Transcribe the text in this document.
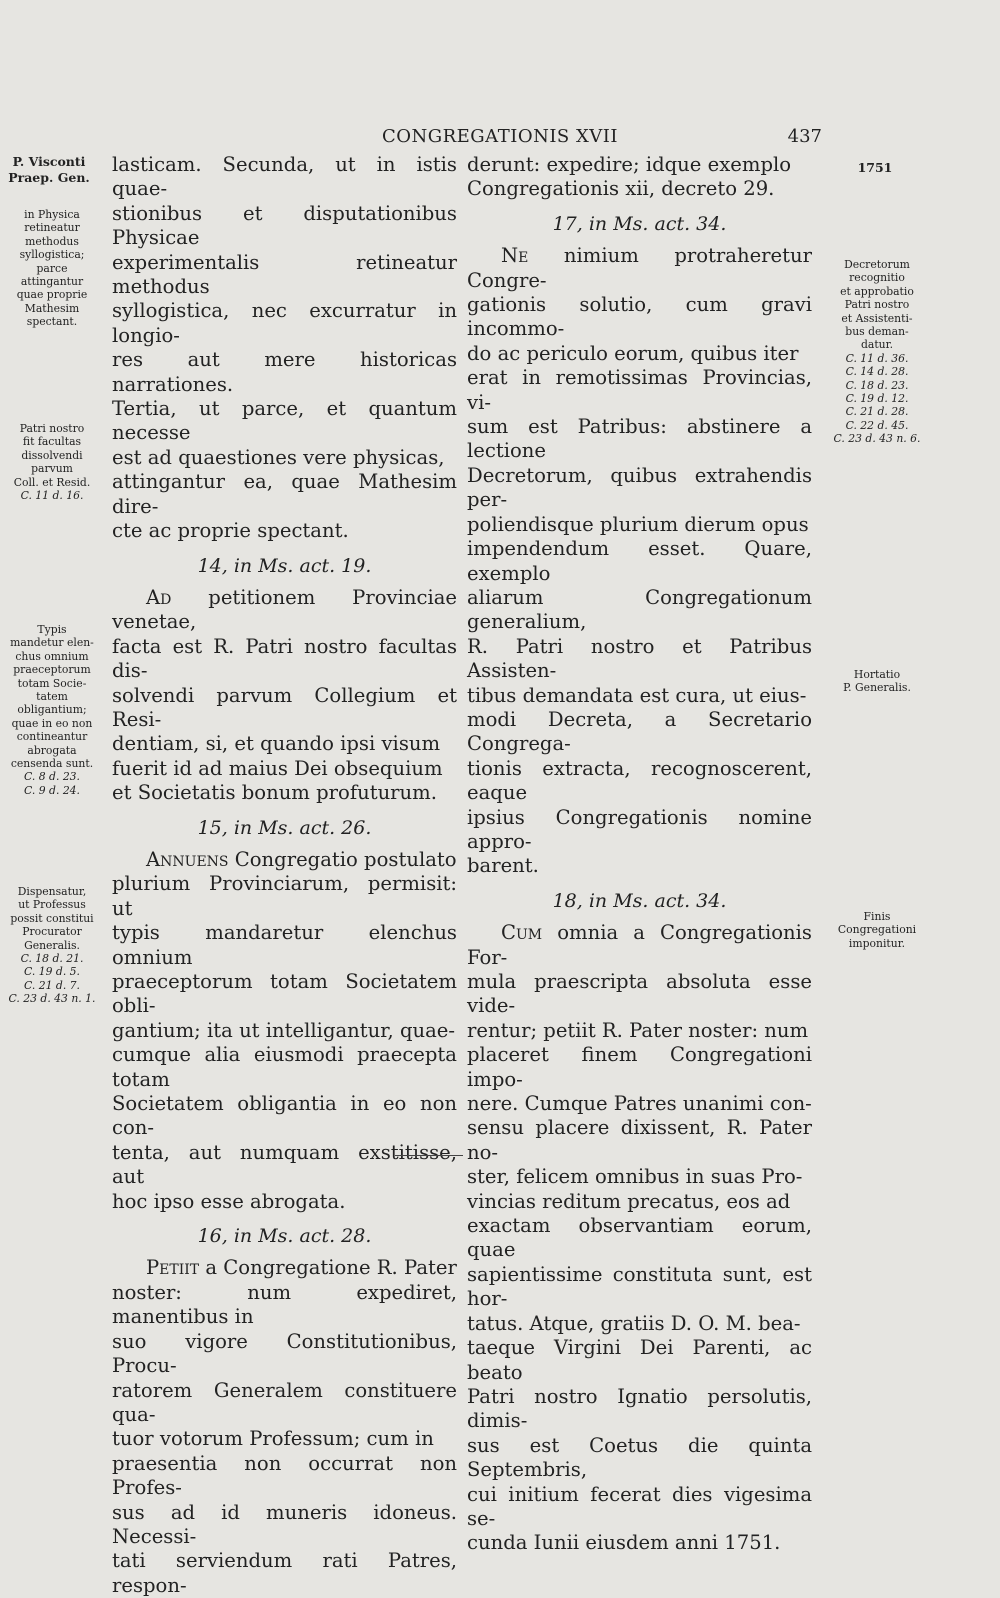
CONGREGATIONIS XVII	437
1751
P. Visconti
Praep. Gen.
in Physica
retineatur
methodus
syllogistica;
parce
attingantur
quae proprie
Mathesim
spectant.
Patri nostro
fit facultas
dissolvendi
parvum
Coll. et Resid.
C. 11 d. 16.
Typis
mandetur elen-
chus omnium
praeceptorum
totam Socie-
tatem
obligantium;
quae in eo non
contineantur
abrogata
censenda sunt.
C. 8 d. 23.
C. 9 d. 24.
Dispensatur,
ut Professus
possit constitui
Procurator
Generalis.
C. 18 d. 21.
C. 19 d. 5.
C. 21 d. 7.
C. 23 d. 43 n. 1.
Decretorum
recognitio
et approbatio
Patri nostro
et Assistenti-
bus deman-
datur.
C. 11 d. 36.
C. 14 d. 28.
C. 18 d. 23.
C. 19 d. 12.
C. 21 d. 28.
C. 22 d. 45.
C. 23 d. 43 n. 6.
Hortatio
P. Generalis.
Finis
Congregationi
imponitur.

lasticam. Secunda, ut in istis quae-
stionibus et disputationibus Physicae
experimentalis retineatur methodus
syllogistica, nec excurratur in longio-
res aut mere historicas narrationes.
Tertia, ut parce, et quantum necesse
est ad quaestiones vere physicas,
attingantur ea, quae Mathesim dire-
cte ac proprie spectant.

14, in Ms. act. 19.

Ad petitionem Provinciae venetae,
facta est R. Patri nostro facultas dis-
solvendi parvum Collegium et Resi-
dentiam, si, et quando ipsi visum
fuerit id ad maius Dei obsequium
et Societatis bonum profuturum.

15, in Ms. act. 26.

Annuens Congregatio postulato
plurium Provinciarum, permisit: ut
typis mandaretur elenchus omnium
praeceptorum totam Societatem obli-
gantium; ita ut intelligantur, quae-
cumque alia eiusmodi praecepta totam
Societatem obligantia in eo non con-
tenta, aut numquam exstitisse, aut
hoc ipso esse abrogata.

16, in Ms. act. 28.

Petiit a Congregatione R. Pater
noster: num expediret, manentibus in
suo vigore Constitutionibus, Procu-
ratorem Generalem constituere qua-
tuor votorum Professum; cum in
praesentia non occurrat non Profes-
sus ad id muneris idoneus. Necessi-
tati serviendum rati Patres, respon-

derunt: expedire; idque exemplo
Congregationis xii, decreto 29.

17, in Ms. act. 34.

Ne nimium protraheretur Congre-
gationis solutio, cum gravi incommo-
do ac periculo eorum, quibus iter
erat in remotissimas Provincias, vi-
sum est Patribus: abstinere a lectione
Decretorum, quibus extrahendis per-
poliendisque plurium dierum opus
impendendum esset. Quare, exemplo
aliarum Congregationum generalium,
R. Patri nostro et Patribus Assisten-
tibus demandata est cura, ut eius-
modi Decreta, a Secretario Congrega-
tionis extracta, recognoscerent, eaque
ipsius Congregationis nomine appro-
barent.

18, in Ms. act. 34.

Cum omnia a Congregationis For-
mula praescripta absoluta esse vide-
rentur; petiit R. Pater noster: num
placeret finem Congregationi impo-
nere. Cumque Patres unanimi con-
sensu placere dixissent, R. Pater no-
ster, felicem omnibus in suas Pro-
vincias reditum precatus, eos ad
exactam observantiam eorum, quae
sapientissime constituta sunt, est hor-
tatus. Atque, gratiis D. O. M. bea-
taeque Virgini Dei Parenti, ac beato
Patri nostro Ignatio persolutis, dimis-
sus est Coetus die quinta Septembris,
cui initium fecerat dies vigesima se-
cunda Iunii eiusdem anni 1751.
